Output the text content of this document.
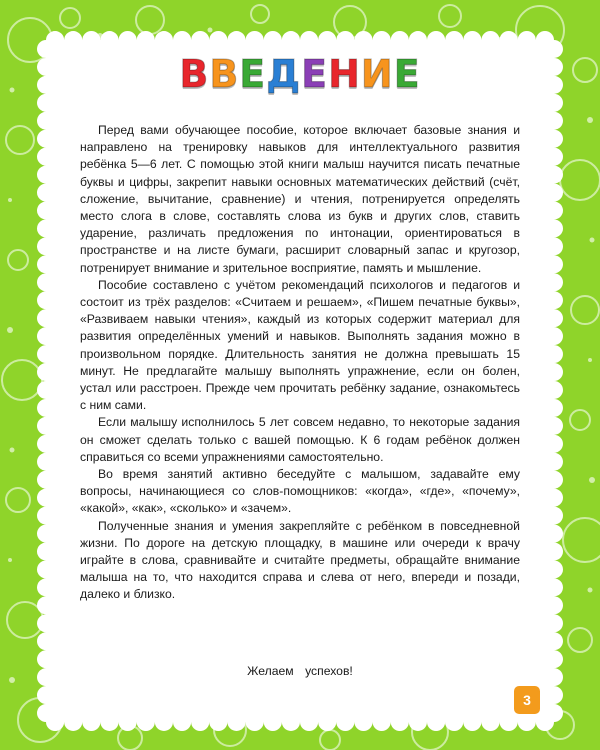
ВВЕДЕНИЕ

Перед вами обучающее пособие, которое включает базовые знания и направлено на тренировку навыков для интеллектуального развития ребёнка 5—6 лет. С помощью этой книги малыш научится писать печатные буквы и цифры, закрепит навыки основных математических действий (счёт, сложение, вычитание, сравнение) и чтения, потренируется определять место слога в слове, составлять слова из букв и других слов, ставить ударение, различать предложения по интонации, ориентироваться в пространстве и на листе бумаги, расширит словарный запас и кругозор, потренирует внимание и зрительное восприятие, память и мышление.

Пособие составлено с учётом рекомендаций психологов и педагогов и состоит из трёх разделов: «Считаем и решаем», «Пишем печатные буквы», «Развиваем навыки чтения», каждый из которых содержит материал для развития определённых умений и навыков. Выполнять задания можно в произвольном порядке. Длительность занятия не должна превышать 15 минут. Не предлагайте малышу выполнять упражнение, если он болен, устал или расстроен. Прежде чем прочитать ребёнку задание, ознакомьтесь с ним сами.

Если малышу исполнилось 5 лет совсем недавно, то некоторые задания он сможет сделать только с вашей помощью. К 6 годам ребёнок должен справиться со всеми упражнениями самостоятельно.

Во время занятий активно беседуйте с малышом, задавайте ему вопросы, начинающиеся со слов-помощников: «когда», «где», «почему», «какой», «как», «сколько» и «зачем».

Полученные знания и умения закрепляйте с ребёнком в повседневной жизни. По дороге на детскую площадку, в машине или очереди к врачу играйте в слова, сравнивайте и считайте предметы, обращайте внимание малыша на то, что находится справа и слева от него, впереди и позади, далеко и близко.

Желаем успехов!
3
